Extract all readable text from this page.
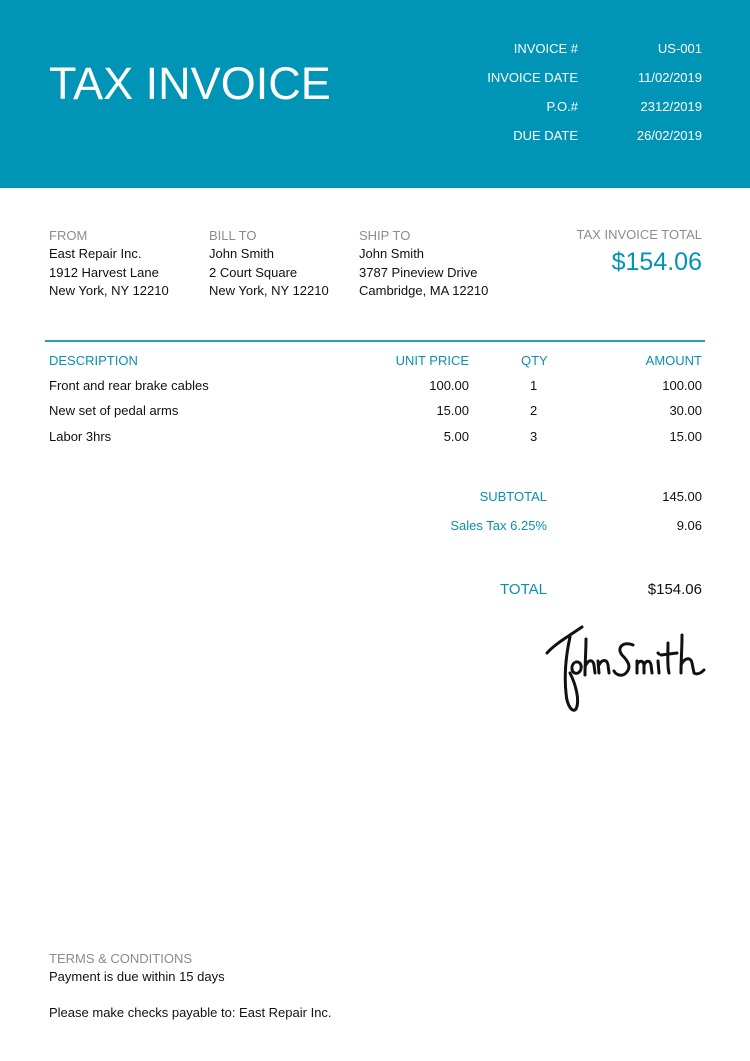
TAX INVOICE
INVOICE #	US-001
INVOICE DATE	11/02/2019
P.O.#	2312/2019
DUE DATE	26/02/2019
FROM
East Repair Inc.
1912 Harvest Lane
New York, NY 12210
BILL TO
John Smith
2 Court Square
New York, NY 12210
SHIP TO
John Smith
3787 Pineview Drive
Cambridge, MA 12210
TAX INVOICE TOTAL
$154.06
DESCRIPTION	UNIT PRICE	QTY	AMOUNT
Front and rear brake cables	100.00	1	100.00
New set of pedal arms	15.00	2	30.00
Labor 3hrs	5.00	3	15.00
SUBTOTAL	145.00
Sales Tax 6.25%	9.06
TOTAL	$154.06
TERMS & CONDITIONS
Payment is due within 15 days
Please make checks payable to: East Repair Inc.
